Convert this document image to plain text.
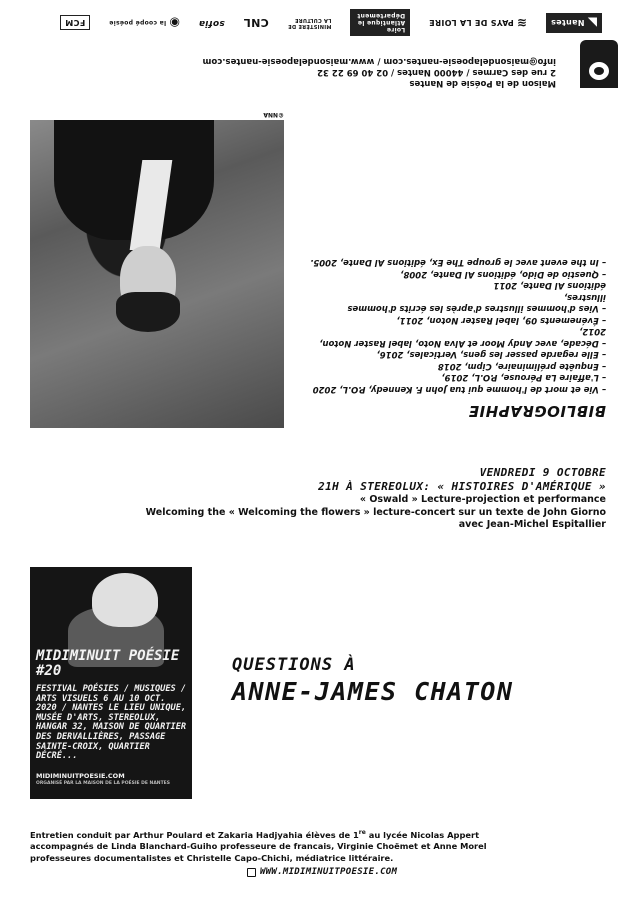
◣
Nantes
≋
PAYS DE LA LOIRE
Loire Atlantique le Département
MINISTÈRE DE LA CULTURE
CNL
sofia
◉
la coopé poésie
FCM
Maison de la Poésie de Nantes
2 rue des Carmes / 44000 Nantes / 02 40 69 22 32
info@maisondelapoesie-nantes.com / www.maisondelapoesie-nantes.com
©NNA
BIBLIOGRAPHIE
– Vie et mort de l'homme qui tua John F. Kennedy, P.O.L, 2020
– L'affaire La Pérouse, P.O.L, 2019,
– Enquête préliminaire, Cipm, 2018
– Elle regarde passer les gens, Verticales, 2016,
– Décade, avec Andy Moor et Alva Noto, label Raster Noton, 2012,
– Événements 09, label Raster Noton, 2011,
– Vies d'hommes illustres d'après les écrits d'hommes illustres,
éditions Al Dante, 2011
– Questio de Dido, éditions Al Dante, 2008,
– In the event avec le groupe The Ex, éditions Al Dante, 2005.
VENDREDI 9 OCTOBRE
21H À STEREOLUX: « HISTOIRES D'AMÉRIQUE »
« Oswald » Lecture-projection et performance
Welcoming the « Welcoming the flowers » lecture-concert sur un texte de John Giorno
avec Jean-Michel Espitallier
MIDIMINUIT POÉSIE #20
FESTIVAL POÉSIES / MUSIQUES / ARTS VISUELS 6 AU 10 OCT. 2020 / NANTES LE LIEU UNIQUE, MUSÉE D'ARTS, STEREOLUX, HANGAR 32, MAISON DE QUARTIER DES DERVALLIÈRES, PASSAGE SAINTE-CROIX, QUARTIER DÉCRÉ...
MIDIMINUITPOESIE.COM
ORGANISÉ PAR LA MAISON DE LA POÉSIE DE NANTES
QUESTIONS À
ANNE-JAMES CHATON
Entretien conduit par Arthur Poulard et Zakaria Hadjyahia élèves de 1re au lycée Nicolas Appert
accompagnés de Linda Blanchard-Guiho professeure de francais, Virginie Choëmet et Anne Morel
professeures documentalistes et Christelle Capo-Chichi, médiatrice littéraire.
WWW.MIDIMINUITPOESIE.COM
